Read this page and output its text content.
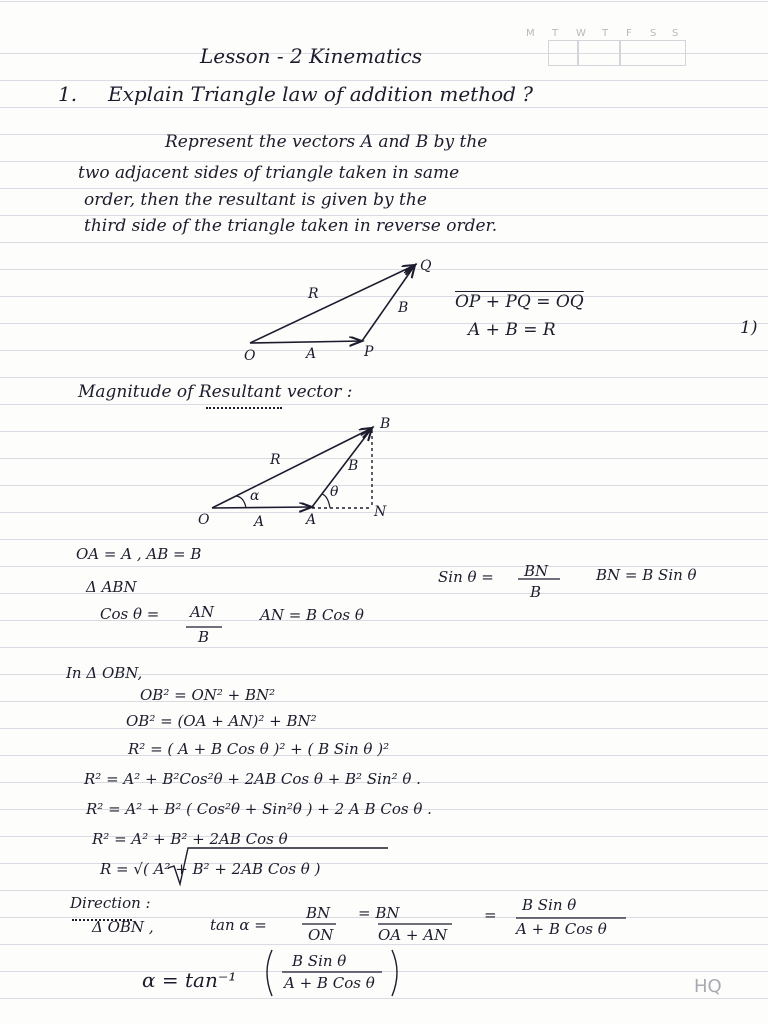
M T W T F S S
Lesson - 2 Kinematics
1. Explain Triangle law of addition method ?
Represent the vectors A and B by the
two adjacent sides of triangle taken in same
order, then the resultant is given by the
third side of the triangle taken in reverse order.
R
B
A
O	P
Q
OP + PQ = OQ
A + B = R	1)
Magnitude of Resultant vector :
B
R	B
α	θ
O	A	A	N
OA = A , AB = B
Δ ABN
Sin θ = BN
B
BN = B Sin θ
Cos θ = AN
B
AN = B Cos θ
In Δ OBN,
OB² = ON² + BN²
OB² = (OA + AN)² + BN²
R² = ( A + B Cos θ )² + ( B Sin θ )²
R² = A² + B²Cos²θ + 2AB Cos θ + B² Sin² θ .
R² = A² + B² ( Cos²θ + Sin²θ ) + 2 A B Cos θ .
R² = A² + B² + 2AB Cos θ
R = √( A² + B² + 2AB Cos θ )
Direction :
Δ OBN ,	tan α =
BN
ON
= BN
OA + AN
=
B Sin θ
A + B Cos θ
α = tan⁻¹
B Sin θ
A + B Cos θ	HQ
